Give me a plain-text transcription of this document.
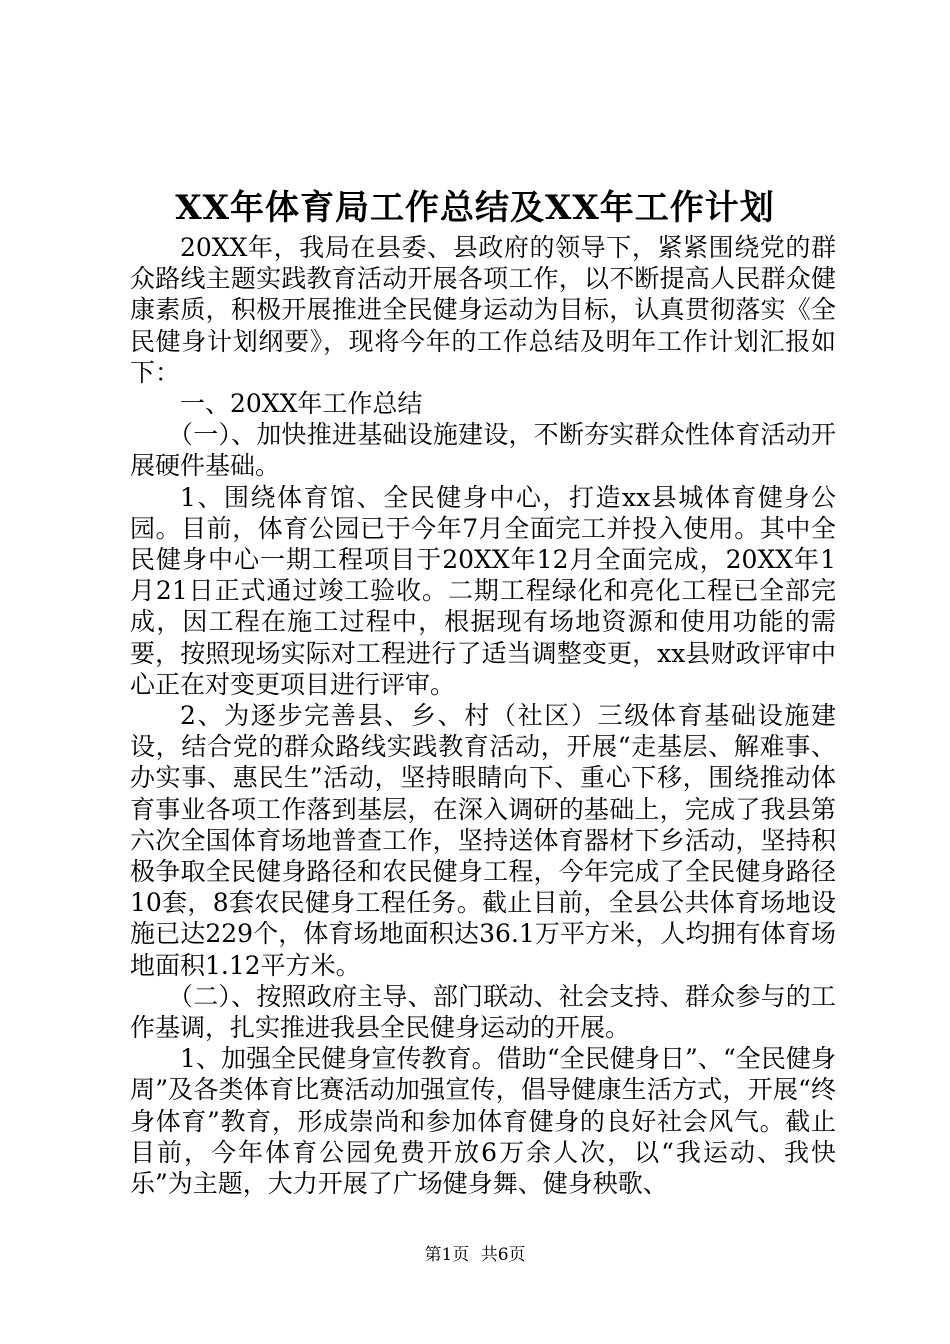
XX年体育局工作总结及XX年工作计划

20XX年，我局在县委、县政府的领导下，紧紧围绕党的群众路线主题实践教育活动开展各项工作，以不断提高人民群众健康素质，积极开展推进全民健身运动为目标，认真贯彻落实《全民健身计划纲要》，现将今年的工作总结及明年工作计划汇报如下：

一、20XX年工作总结

（一）、加快推进基础设施建设，不断夯实群众性体育活动开展硬件基础。

1、围绕体育馆、全民健身中心，打造xx县城体育健身公园。目前，体育公园已于今年7月全面完工并投入使用。其中全民健身中心一期工程项目于20XX年12月全面完成，20XX年1月21日正式通过竣工验收。二期工程绿化和亮化工程已全部完成，因工程在施工过程中，根据现有场地资源和使用功能的需要，按照现场实际对工程进行了适当调整变更，xx县财政评审中心正在对变更项目进行评审。

2、为逐步完善县、乡、村（社区）三级体育基础设施建设，结合党的群众路线实践教育活动，开展“走基层、解难事、办实事、惠民生”活动，坚持眼睛向下、重心下移，围绕推动体育事业各项工作落到基层，在深入调研的基础上，完成了我县第六次全国体育场地普查工作，坚持送体育器材下乡活动，坚持积极争取全民健身路径和农民健身工程，今年完成了全民健身路径10套，8套农民健身工程任务。截止目前，全县公共体育场地设施已达229个，体育场地面积达36.1万平方米，人均拥有体育场地面积1.12平方米。

（二）、按照政府主导、部门联动、社会支持、群众参与的工作基调，扎实推进我县全民健身运动的开展。

1、加强全民健身宣传教育。借助“全民健身日”、“全民健身周”及各类体育比赛活动加强宣传，倡导健康生活方式，开展“终身体育”教育，形成崇尚和参加体育健身的良好社会风气。截止目前，今年体育公园免费开放6万余人次，以“我运动、我快乐”为主题，大力开展了广场健身舞、健身秧歌、

第1页 共6页
